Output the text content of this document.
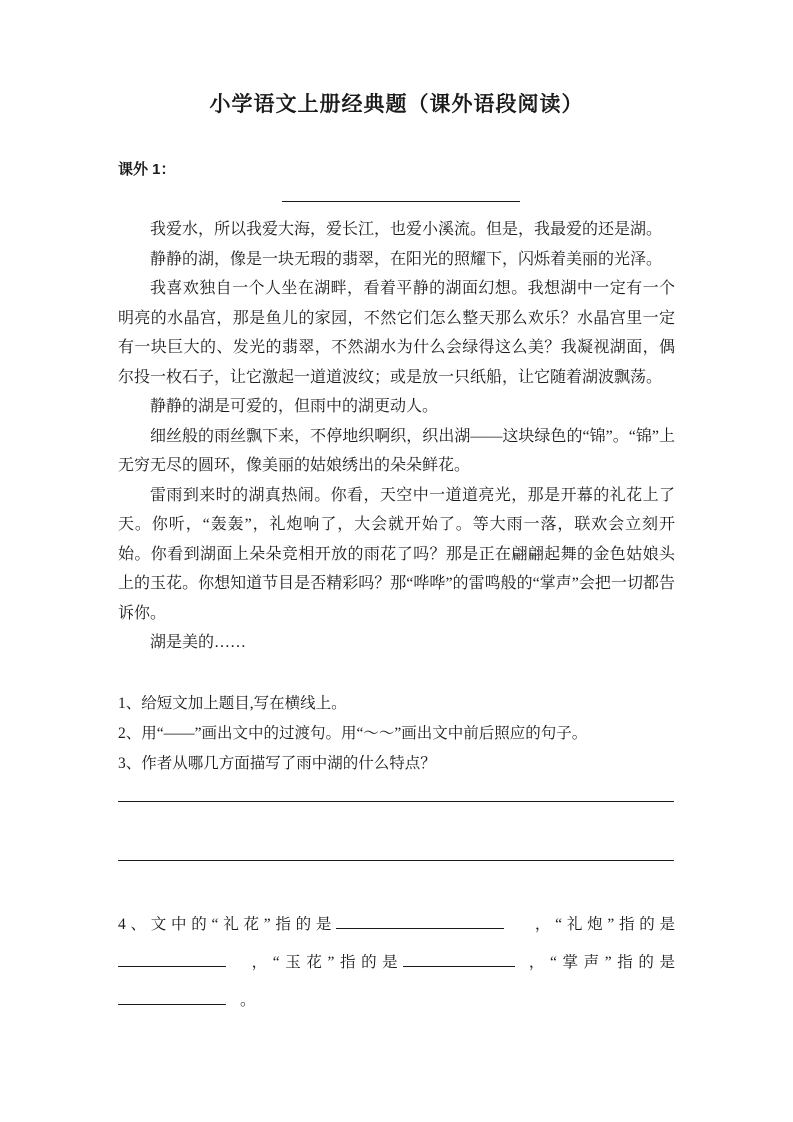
小学语文上册经典题（课外语段阅读）
课外 1：

我爱水，所以我爱大海，爱长江，也爱小溪流。但是，我最爱的还是湖。

静静的湖，像是一块无瑕的翡翠，在阳光的照耀下，闪烁着美丽的光泽。

我喜欢独自一个人坐在湖畔，看着平静的湖面幻想。我想湖中一定有一个明亮的水晶宫，那是鱼儿的家园，不然它们怎么整天那么欢乐？水晶宫里一定有一块巨大的、发光的翡翠，不然湖水为什么会绿得这么美？我凝视湖面，偶尔投一枚石子，让它激起一道道波纹；或是放一只纸船，让它随着湖波飘荡。

静静的湖是可爱的，但雨中的湖更动人。

细丝般的雨丝飘下来，不停地织啊织，织出湖——这块绿色的“锦”。“锦”上无穷无尽的圆环，像美丽的姑娘绣出的朵朵鲜花。

雷雨到来时的湖真热闹。你看，天空中一道道亮光，那是开幕的礼花上了天。你听，“轰轰”，礼炮响了，大会就开始了。等大雨一落，联欢会立刻开始。你看到湖面上朵朵竞相开放的雨花了吗？那是正在翩翩起舞的金色姑娘头上的玉花。你想知道节目是否精彩吗？那“哗哗”的雷鸣般的“掌声”会把一切都告诉你。

湖是美的……

1、给短文加上题目,写在横线上。

2、用“——”画出文中的过渡句。用“～～”画出文中前后照应的句子。

3、作者从哪几方面描写了雨中湖的什么特点？

4、文中的“礼花”指的是	，“礼炮”指的是，“玉花”指的是	，“掌声”指的是。
